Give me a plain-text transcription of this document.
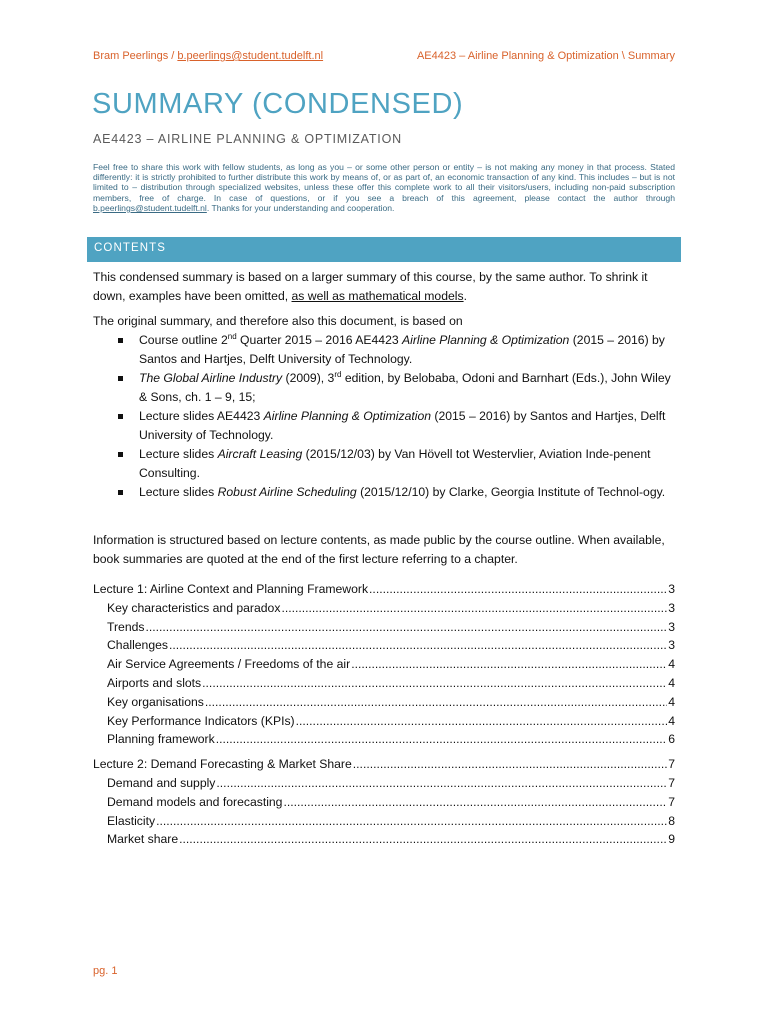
Bram Peerlings / b.peerlings@student.tudelft.nl	AE4423 – Airline Planning & Optimization \ Summary
SUMMARY (CONDENSED)
AE4423 – AIRLINE PLANNING & OPTIMIZATION
Feel free to share this work with fellow students, as long as you – or some other person or entity – is not making any money in that process. Stated differently: it is strictly prohibited to further distribute this work by means of, or as part of, an economic transaction of any kind. This includes – but is not limited to – distribution through specialized websites, unless these offer this complete work to all their visitors/users, including non-paid subscription members, free of charge. In case of questions, or if you see a breach of this agreement, please contact the author through b.peerlings@student.tudelft.nl. Thanks for your understanding and cooperation.
CONTENTS
This condensed summary is based on a larger summary of this course, by the same author. To shrink it down, examples have been omitted, as well as mathematical models.
The original summary, and therefore also this document, is based on
Course outline 2nd Quarter 2015 – 2016 AE4423 Airline Planning & Optimization (2015 – 2016) by Santos and Hartjes, Delft University of Technology.
The Global Airline Industry (2009), 3rd edition, by Belobaba, Odoni and Barnhart (Eds.), John Wiley & Sons, ch. 1 – 9, 15;
Lecture slides AE4423 Airline Planning & Optimization (2015 – 2016) by Santos and Hartjes, Delft University of Technology.
Lecture slides Aircraft Leasing (2015/12/03) by Van Hövell tot Westervlier, Aviation Inde-penent Consulting.
Lecture slides Robust Airline Scheduling (2015/12/10) by Clarke, Georgia Institute of Technol-ogy.
Information is structured based on lecture contents, as made public by the course outline. When available, book summaries are quoted at the end of the first lecture referring to a chapter.
Lecture 1: Airline Context and Planning Framework .....	3
Key characteristics and paradox .....	3
Trends .....	3
Challenges .....	3
Air Service Agreements / Freedoms of the air .....	4
Airports and slots .....	4
Key organisations .....	4
Key Performance Indicators (KPIs) .....	4
Planning framework .....	6
Lecture 2: Demand Forecasting & Market Share .....	7
Demand and supply .....	7
Demand models and forecasting .....	7
Elasticity .....	8
Market share .....	9
pg. 1
